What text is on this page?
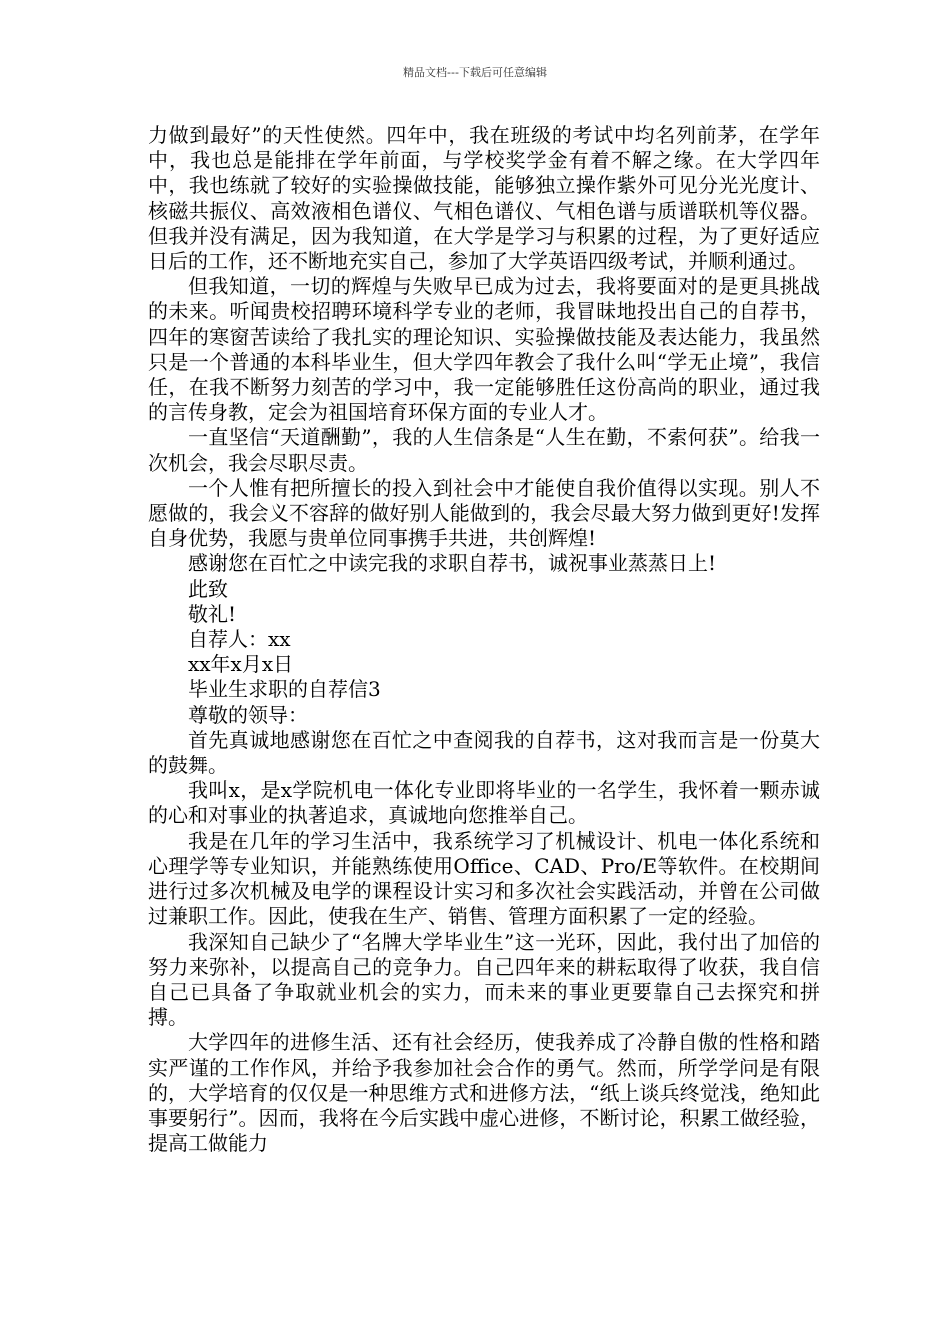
精品文档---下载后可任意编辑

力做到最好”的天性使然。四年中，我在班级的考试中均名列前茅，在学年中，我也总是能排在学年前面，与学校奖学金有着不解之缘。在大学四年中，我也练就了较好的实验操做技能，能够独立操作紫外可见分光光度计、核磁共振仪、高效液相色谱仪、气相色谱仪、气相色谱与质谱联机等仪器。但我并没有满足，因为我知道，在大学是学习与积累的过程，为了更好适应日后的工作，还不断地充实自己，参加了大学英语四级考试，并顺利通过。

但我知道，一切的辉煌与失败早已成为过去，我将要面对的是更具挑战的未来。听闻贵校招聘环境科学专业的老师，我冒昧地投出自己的自荐书，四年的寒窗苦读给了我扎实的理论知识、实验操做技能及表达能力，我虽然只是一个普通的本科毕业生，但大学四年教会了我什么叫“学无止境”，我信任，在我不断努力刻苦的学习中，我一定能够胜任这份高尚的职业，通过我的言传身教，定会为祖国培育环保方面的专业人才。

一直坚信“天道酬勤”，我的人生信条是“人生在勤，不索何获”。给我一次机会，我会尽职尽责。

一个人惟有把所擅长的投入到社会中才能使自我价值得以实现。别人不愿做的，我会义不容辞的做好别人能做到的，我会尽最大努力做到更好!发挥自身优势，我愿与贵单位同事携手共进，共创辉煌!

感谢您在百忙之中读完我的求职自荐书，诚祝事业蒸蒸日上!

此致

敬礼!

自荐人：xx

xx年x月x日

毕业生求职的自荐信3

尊敬的领导：

首先真诚地感谢您在百忙之中查阅我的自荐书，这对我而言是一份莫大的鼓舞。

我叫x，是x学院机电一体化专业即将毕业的一名学生，我怀着一颗赤诚的心和对事业的执著追求，真诚地向您推举自己。

我是在几年的学习生活中，我系统学习了机械设计、机电一体化系统和心理学等专业知识，并能熟练使用Office、CAD、Pro/E等软件。在校期间进行过多次机械及电学的课程设计实习和多次社会实践活动，并曾在公司做过兼职工作。因此，使我在生产、销售、管理方面积累了一定的经验。

我深知自己缺少了“名牌大学毕业生”这一光环，因此，我付出了加倍的努力来弥补，以提高自己的竞争力。自己四年来的耕耘取得了收获，我自信自己已具备了争取就业机会的实力，而未来的事业更要靠自己去探究和拼搏。

大学四年的进修生活、还有社会经历，使我养成了冷静自傲的性格和踏实严谨的工作作风，并给予我参加社会合作的勇气。然而，所学学问是有限的，大学培育的仅仅是一种思维方式和进修方法，“纸上谈兵终觉浅，绝知此事要躬行”。因而，我将在今后实践中虚心进修，不断讨论，积累工做经验，提高工做能力
